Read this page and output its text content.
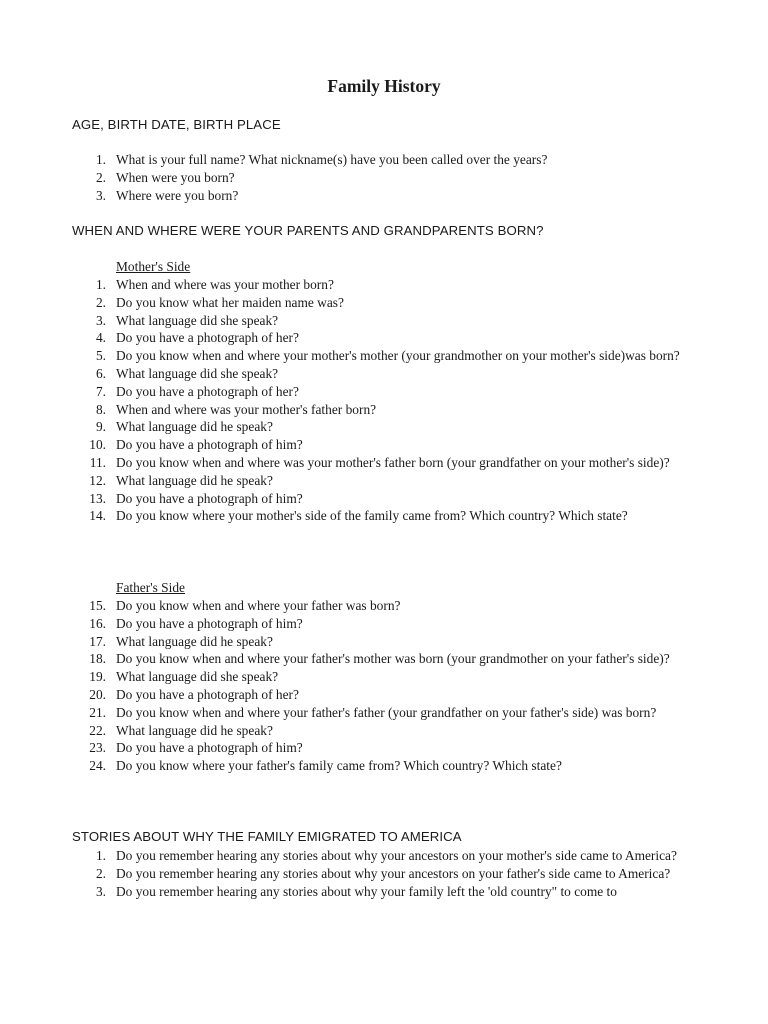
Family History
AGE, BIRTH DATE, BIRTH PLACE
1. What is your full name? What nickname(s) have you been called over the years?
2. When were you born?
3. Where were you born?
WHEN AND WHERE WERE YOUR PARENTS AND GRANDPARENTS BORN?
Mother's Side
1. When and where was your mother born?
2. Do you know what her maiden name was?
3. What language did she speak?
4. Do you have a photograph of her?
5. Do you know when and where your mother's mother (your grandmother on your mother's side)was born?
6. What language did she speak?
7. Do you have a photograph of her?
8. When and where was your mother's father born?
9. What language did he speak?
10. Do you have a photograph of him?
11. Do you know when and where was your mother's father born (your grandfather on your mother's side)?
12. What language did he speak?
13. Do you have a photograph of him?
14. Do you know where your mother's side of the family came from? Which country? Which state?
Father's Side
15. Do you know when and where your father was born?
16. Do you have a photograph of him?
17. What language did he speak?
18. Do you know when and where your father's mother was born (your grandmother on your father's side)?
19. What language did she speak?
20. Do you have a photograph of her?
21. Do you know when and where your father's father (your grandfather on your father's side) was born?
22. What language did he speak?
23. Do you have a photograph of him?
24. Do you know where your father's family came from? Which country? Which state?
STORIES ABOUT WHY THE FAMILY EMIGRATED TO AMERICA
1. Do you remember hearing any stories about why your ancestors on your mother's side came to America?
2. Do you remember hearing any stories about why your ancestors on your father's side came to America?
3. Do you remember hearing any stories about why your family left the 'old country" to come to
